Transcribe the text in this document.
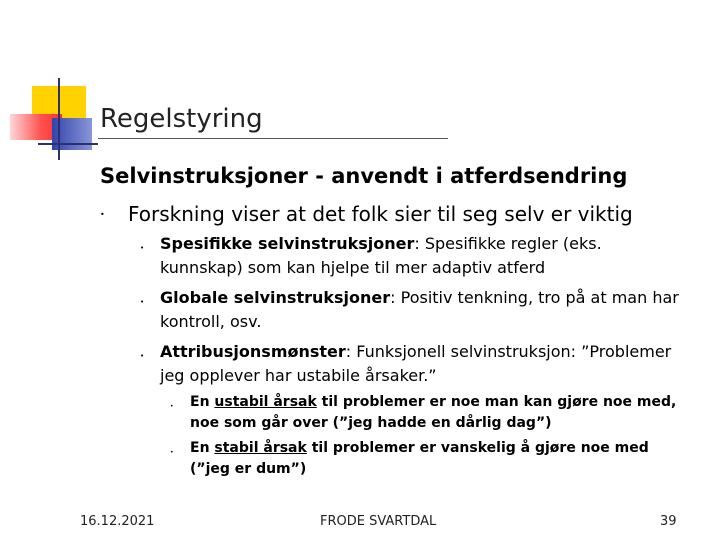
Regelstyring
Selvinstruksjoner - anvendt i atferdsendring
• Forskning viser at det folk sier til seg selv er viktig
• Spesifikke selvinstruksjoner: Spesifikke regler (eks. kunnskap) som kan hjelpe til mer adaptiv atferd
• Globale selvinstruksjoner: Positiv tenkning, tro på at man har kontroll, osv.
• Attribusjonsmønster: Funksjonell selvinstruksjon: ”Problemer jeg opplever har ustabile årsaker.”
• En ustabil årsak til problemer er noe man kan gjøre noe med, noe som går over (”jeg hadde en dårlig dag”)
• En stabil årsak til problemer er vanskelig å gjøre noe med (”jeg er dum”)
16.12.2021	FRODE SVARTDAL	39
